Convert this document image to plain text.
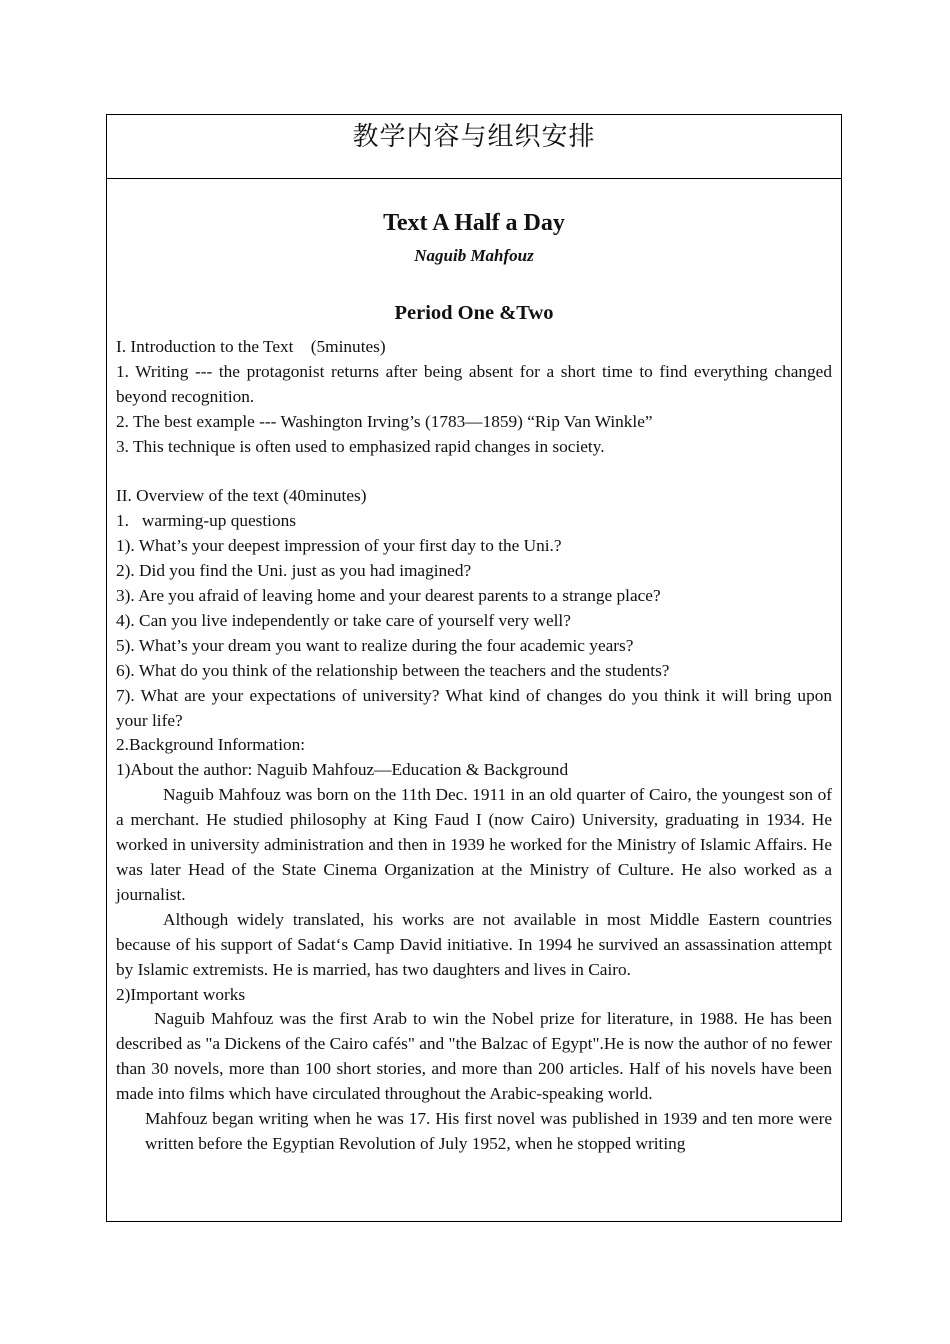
教学内容与组织安排
Text A Half a Day
Naguib Mahfouz
Period One &Two

I. Introduction to the Text    (5minutes)

1. Writing --- the protagonist returns after being absent for a short time to find everything changed beyond recognition.

2. The best example --- Washington Irving’s (1783—1859) “Rip Van Winkle”

3. This technique is often used to emphasized rapid changes in society.

II. Overview of the text (40minutes)

1.   warming-up questions

1). What’s your deepest impression of your first day to the Uni.?

2). Did you find the Uni. just as you had imagined?

3). Are you afraid of leaving home and your dearest parents to a strange place?

4). Can you live independently or take care of yourself very well?

5). What’s your dream you want to realize during the four academic years?

6). What do you think of the relationship between the teachers and the students?

7). What are your expectations of university? What kind of changes do you think it will bring upon your life?

2.Background Information:

1)About the author: Naguib Mahfouz—Education & Background

Naguib Mahfouz was born on the 11th Dec. 1911 in an old quarter of Cairo, the youngest son of a merchant. He studied philosophy at King Faud I (now Cairo) University, graduating in 1934. He worked in university administration and then in 1939 he worked for the Ministry of Islamic Affairs. He was later Head of the State Cinema Organization at the Ministry of Culture. He also worked as a journalist.

Although widely translated, his works are not available in most Middle Eastern countries because of his support of Sadat‘s Camp David initiative. In 1994 he survived an assassination attempt by Islamic extremists. He is married, has two daughters and lives in Cairo.

2)Important works

Naguib Mahfouz was the first Arab to win the Nobel prize for literature, in 1988. He has been described as "a Dickens of the Cairo cafés" and "the Balzac of Egypt".He is now the author of no fewer than 30 novels, more than 100 short stories, and more than 200 articles. Half of his novels have been made into films which have circulated throughout the Arabic-speaking world.

Mahfouz began writing when he was 17. His first novel was published in 1939 and ten more were written before the Egyptian Revolution of July 1952, when he stopped writing
